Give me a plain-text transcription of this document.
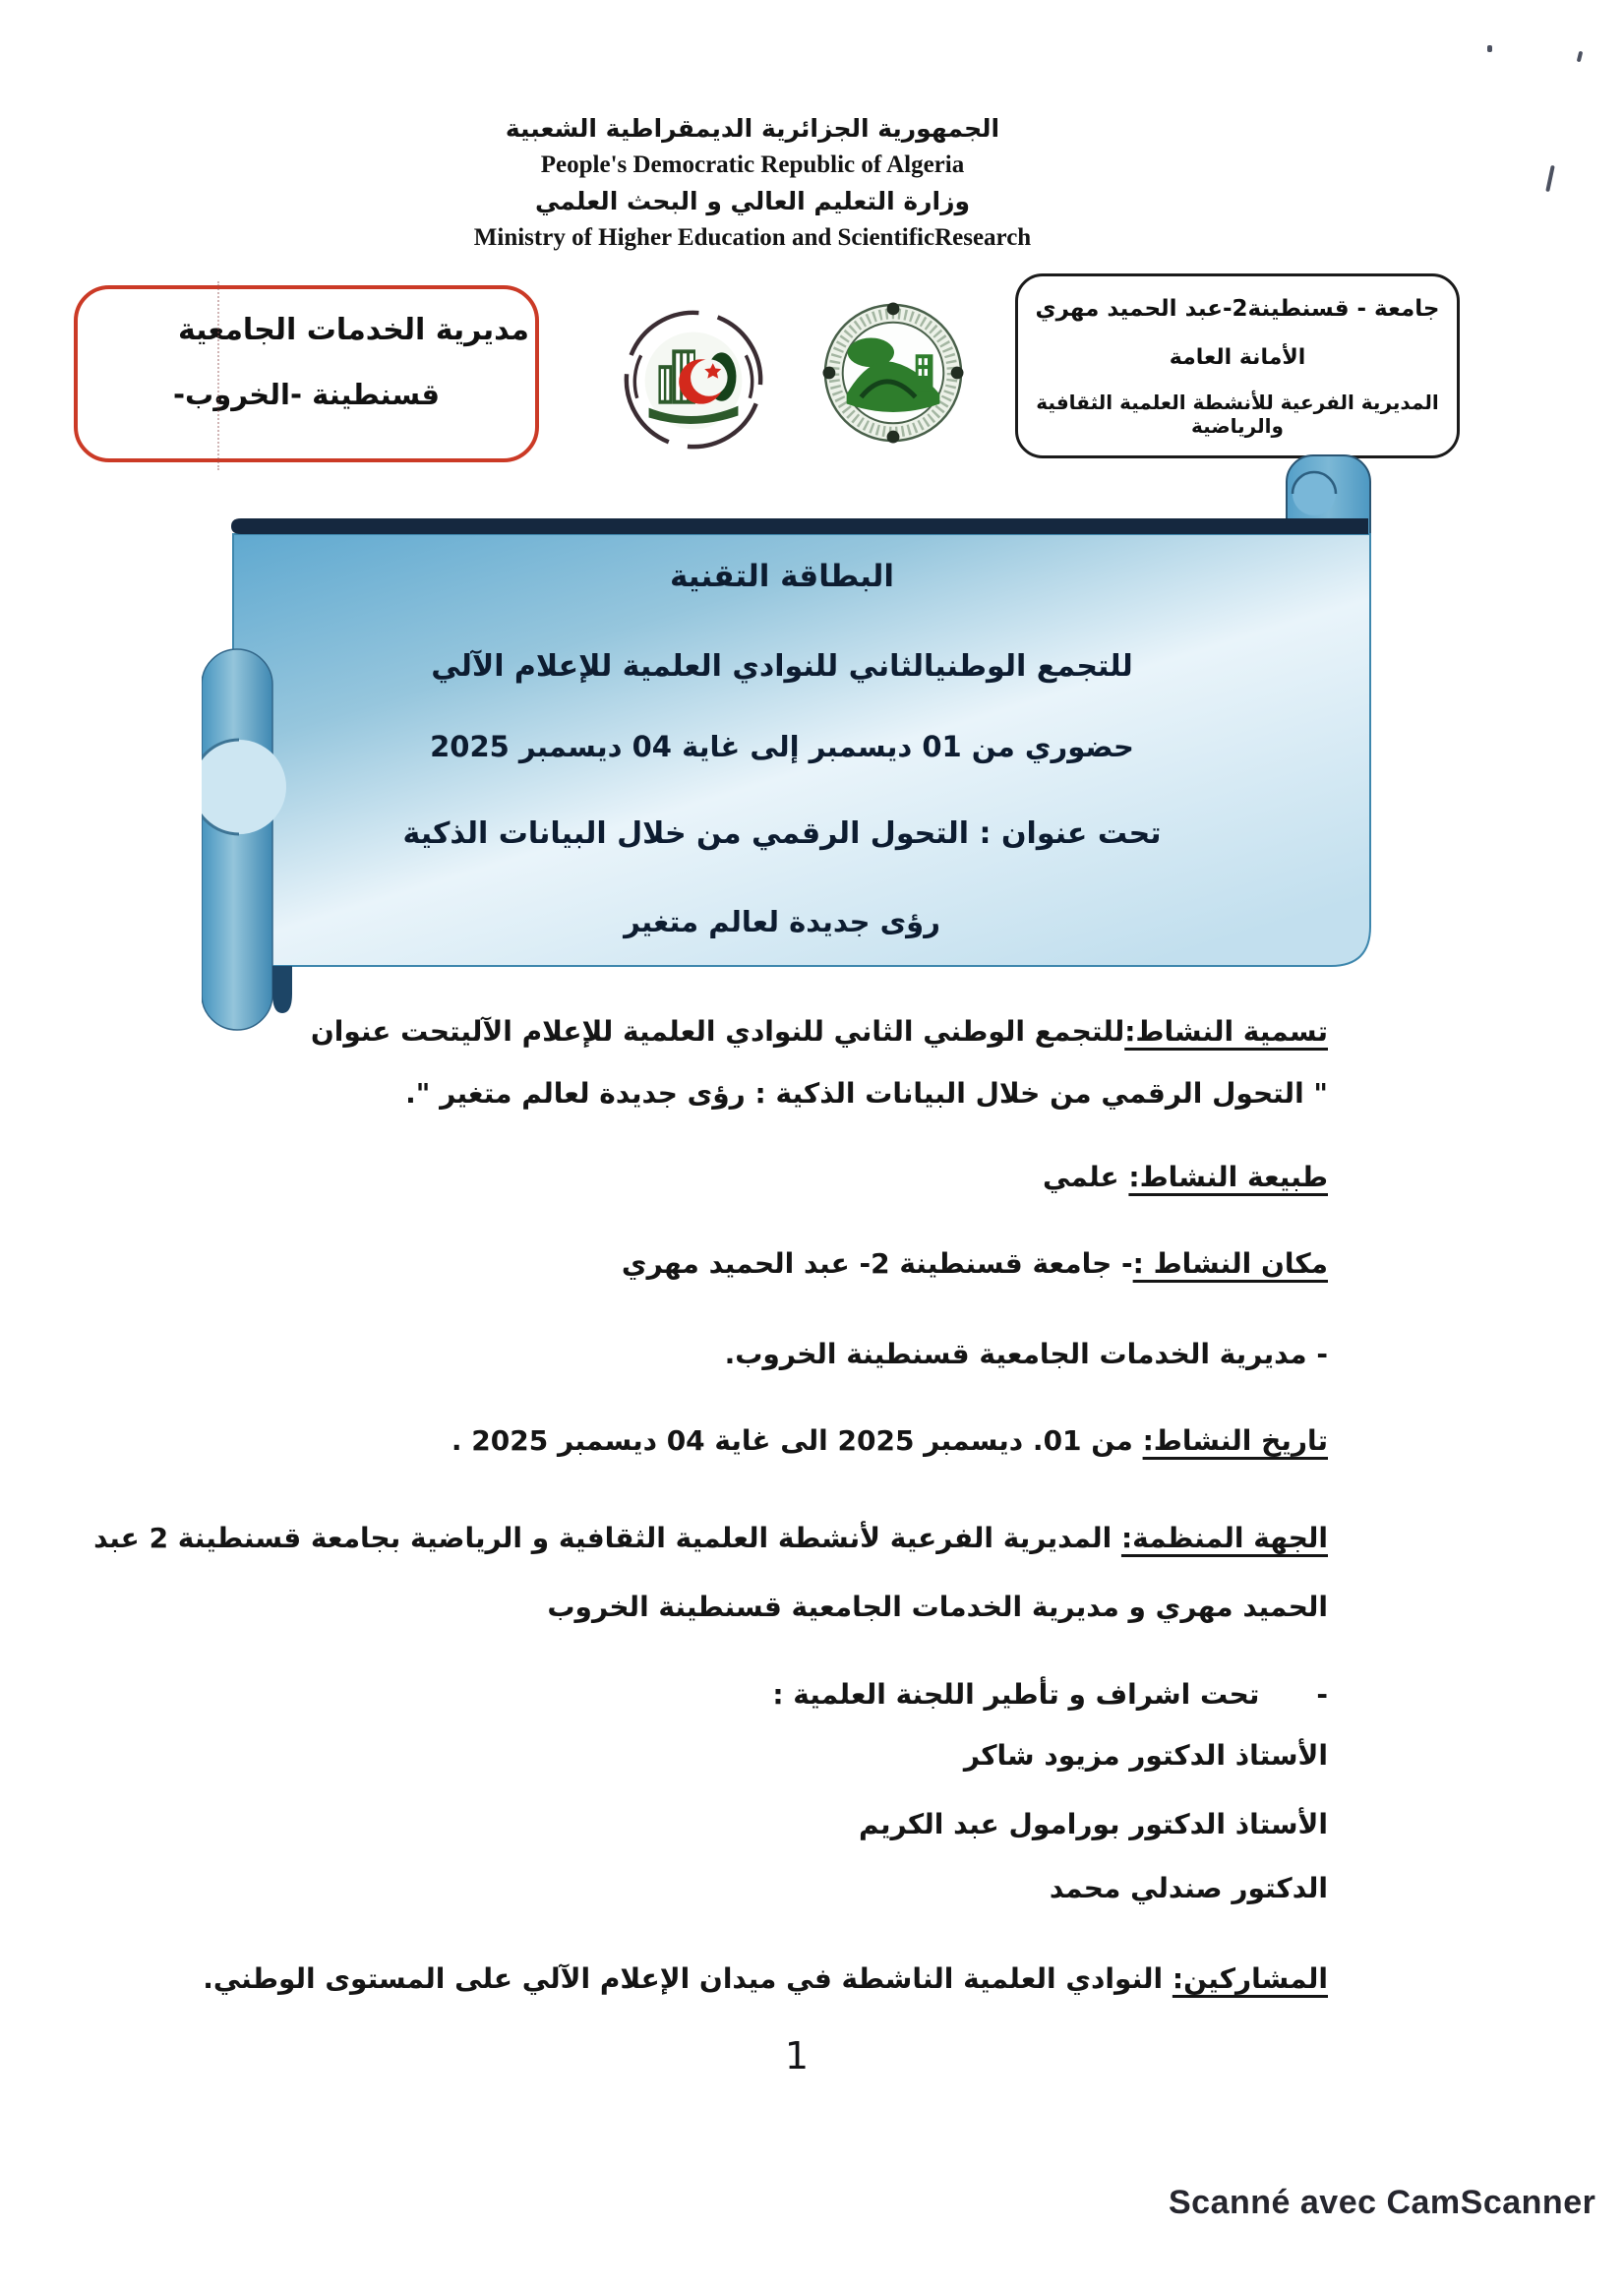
الجمهورية الجزائرية الديمقراطية الشعبية
People's Democratic Republic of Algeria
وزارة التعليم العالي و البحث العلمي
Ministry of Higher Education and ScientificResearch
مديرية الخدمات الجامعية
قسنطينة -الخروب-
جامعة - قسنطينة2-عبد الحميد مهري
الأمانة العامة
المديرية الفرعية للأنشطة العلمية الثقافية والرياضية
البطاقة التقنية
للتجمع الوطنيالثاني للنوادي العلمية للإعلام الآلي
حضوري من 01 ديسمبر إلى غاية 04 ديسمبر 2025
تحت عنوان : التحول الرقمي من خلال البيانات الذكية
رؤى جديدة لعالم متغير
تسمية النشاط:للتجمع الوطني الثاني للنوادي العلمية للإعلام الآليتحت عنوان
" التحول الرقمي من خلال البيانات الذكية : رؤى جديدة لعالم متغير ".
طبيعة النشاط: علمي
مكان النشاط :- جامعة قسنطينة 2- عبد الحميد مهري
- مديرية الخدمات الجامعية قسنطينة الخروب.
تاريخ النشاط: من 01. ديسمبر 2025 الى غاية 04 ديسمبر 2025 .
الجهة المنظمة: المديرية الفرعية لأنشطة العلمية الثقافية و الرياضية بجامعة قسنطينة 2 عبد
الحميد مهري و مديرية الخدمات الجامعية قسنطينة الخروب
-تحت اشراف و تأطير اللجنة العلمية :
الأستاذ الدكتور مزيود شاكر
الأستاذ الدكتور بورامول عبد الكريم
الدكتور صندلي محمد
المشاركين: النوادي العلمية الناشطة في ميدان الإعلام الآلي على المستوى الوطني.
1
Scanné avec CamScanner
